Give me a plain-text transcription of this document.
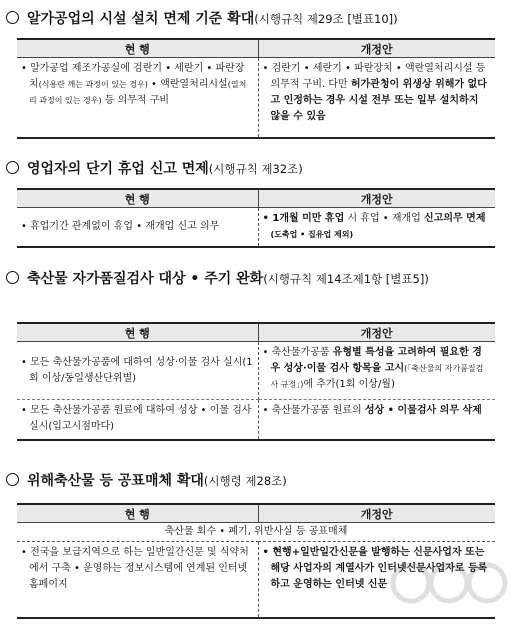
알가공업의 시설 설치 면제 기준 확대(시행규칙 제29조 [별표10])
현 행	개정안

• 알가공업 제조가공실에 검란기 • 세란기 • 파란장치(식용란 깨는 과정이 있는 경우) • 액란열처리시설(열처리 과정이 있는 경우) 등 의무적 구비	• 검란기 • 세란기 • 파란장치 • 액란열처리시설 등 의무적 구비. 다만 허가관청이 위생상 위해가 없다고 인정하는 경우 시설 전부 또는 일부 설치하지 않을 수 있음
영업자의 단기 휴업 신고 면제(시행규칙 제32조)
현 행	개정안
• 휴업기간 관계없이 휴업 • 재개업 신고 의무	• 1개월 미만 휴업 시 휴업 • 재개업 신고의무 면제(도축업 • 집유업 제외)
축산물 자가품질검사 대상 • 주기 완화(시행규칙 제14조제1항 [별표5])
현 행	개정안

• 모든 축산물가공품에 대하여 성상·이물 검사 실시(1회 이상/동일생산단위별)	• 축산물가공품 유형별 특성을 고려하여 필요한 경우 성상·이물 검사 항목을 고시(「축산물의 자가품질검사 규정」)에 추가(1회 이상/월)

• 모든 축산물가공품 원료에 대하여 성상 • 이물 검사 실시(입고시점마다)	• 축산물가공품 원료의 성상 • 이물검사 의무 삭제
위해축산물 등 공표매체 확대(시행령 제28조)
현 행	개정안
축산물 회수 • 폐기, 위반사실 등 공표매체	

• 전국을 보급지역으로 하는 일반일간신문 및 식약처에서 구축 • 운영하는 정보시스템에 연계된 인터넷 홈페이지	• 현행+일반일간신문을 발행하는 신문사업자 또는 해당 사업자의 계열사가 인터넷신문사업자로 등록하고 운영하는 인터넷 신문
